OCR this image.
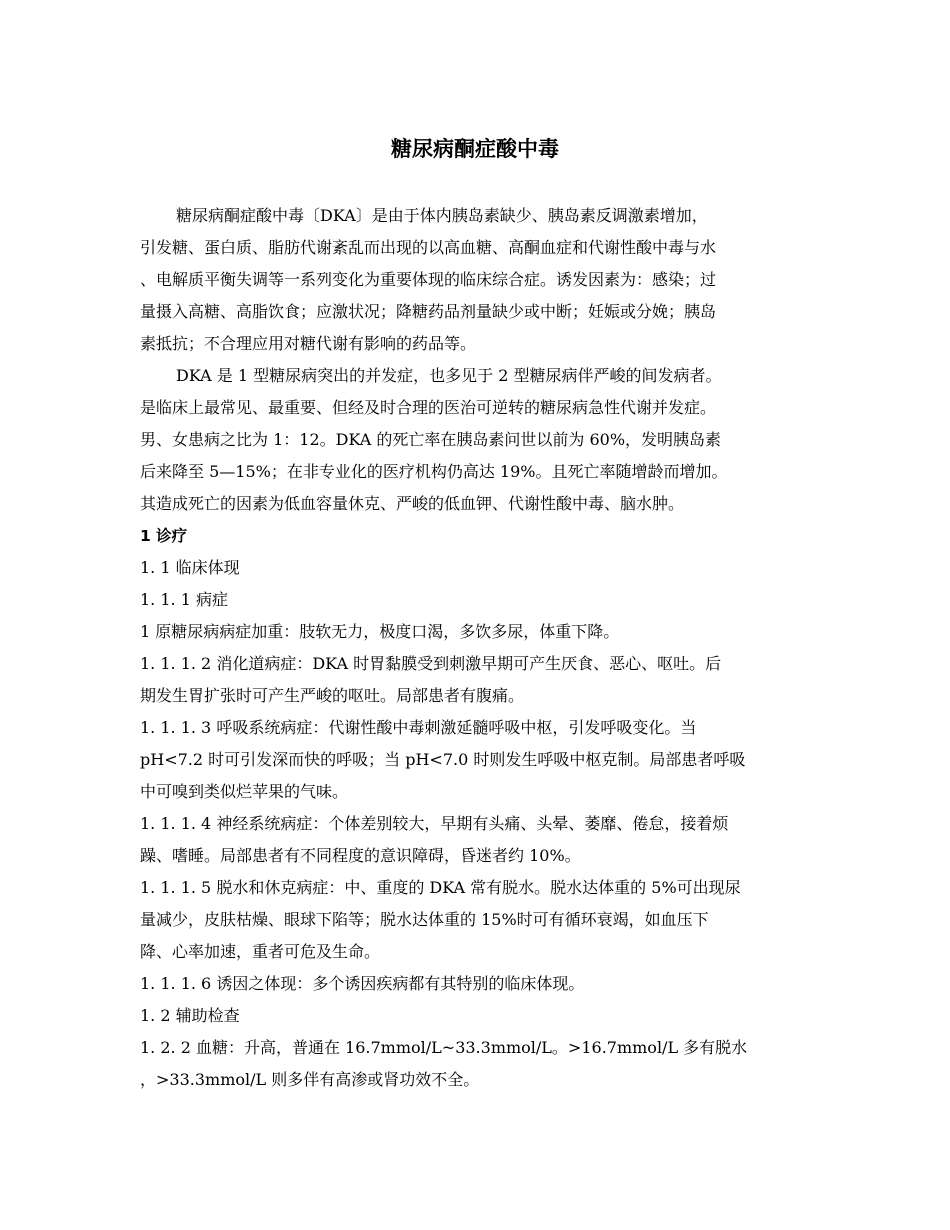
糖尿病酮症酸中毒
糖尿病酮症酸中毒〔DKA〕是由于体内胰岛素缺少、胰岛素反调激素增加，
引发糖、蛋白质、脂肪代谢紊乱而出现的以高血糖、高酮血症和代谢性酸中毒与水
、电解质平衡失调等一系列变化为重要体现的临床综合症。诱发因素为：感染；过
量摄入高糖、高脂饮食；应激状况；降糖药品剂量缺少或中断；妊娠或分娩；胰岛
素抵抗；不合理应用对糖代谢有影响的药品等。
DKA 是 1 型糖尿病突出的并发症，也多见于 2 型糖尿病伴严峻的间发病者。
是临床上最常见、最重要、但经及时合理的医治可逆转的糖尿病急性代谢并发症。
男、女患病之比为 1：12。DKA 的死亡率在胰岛素问世以前为 60%，发明胰岛素
后来降至 5—15%；在非专业化的医疗机构仍高达 19%。且死亡率随增龄而增加。
其造成死亡的因素为低血容量休克、严峻的低血钾、代谢性酸中毒、脑水肿。
1 诊疗
1. 1 临床体现
1. 1. 1 病症
1 原糖尿病病症加重：肢软无力，极度口渴，多饮多尿，体重下降。
1. 1. 1. 2 消化道病症：DKA 时胃黏膜受到刺激早期可产生厌食、恶心、呕吐。后
期发生胃扩张时可产生严峻的呕吐。局部患者有腹痛。
1. 1. 1. 3 呼吸系统病症：代谢性酸中毒刺激延髓呼吸中枢，引发呼吸变化。当
pH<7.2 时可引发深而快的呼吸；当 pH<7.0 时则发生呼吸中枢克制。局部患者呼吸
中可嗅到类似烂苹果的气味。
1. 1. 1. 4 神经系统病症：个体差别较大，早期有头痛、头晕、萎靡、倦怠，接着烦
躁、嗜睡。局部患者有不同程度的意识障碍，昏迷者约 10%。
1. 1. 1. 5 脱水和休克病症：中、重度的 DKA 常有脱水。脱水达体重的 5%可出现尿
量减少，皮肤枯燥、眼球下陷等；脱水达体重的 15%时可有循环衰竭，如血压下
降、心率加速，重者可危及生命。
1. 1. 1. 6 诱因之体现：多个诱因疾病都有其特别的临床体现。
1. 2 辅助检查
1. 2. 2 血糖：升高，普通在 16.7mmol/L~33.3mmol/L。>16.7mmol/L 多有脱水
，>33.3mmol/L 则多伴有高渗或肾功效不全。
